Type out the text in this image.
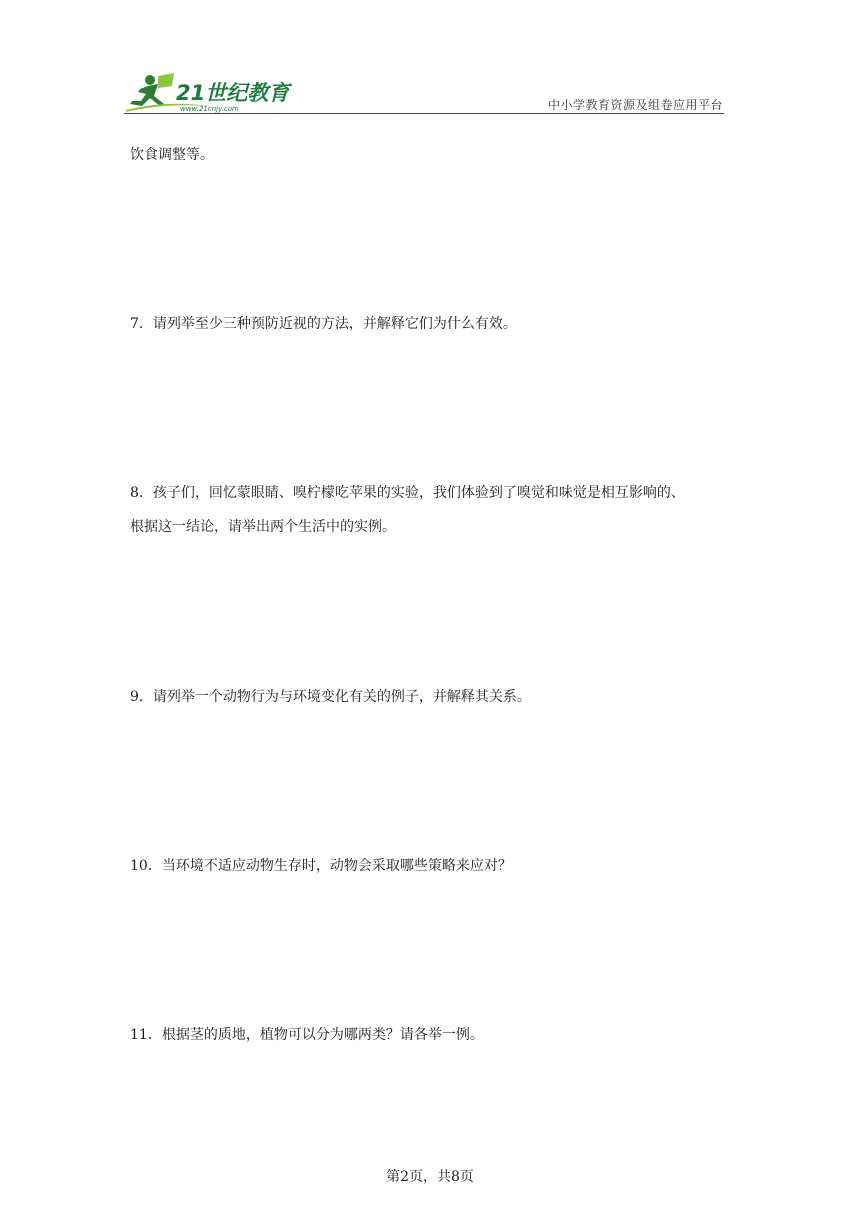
21世纪教育
www.21cnjy.com	中小学教育资源及组卷应用平台
饮食调整等。
7．请列举至少三种预防近视的方法，并解释它们为什么有效。
8．孩子们，回忆蒙眼睛、嗅柠檬吃苹果的实验，我们体验到了嗅觉和味觉是相互影响的、
根据这一结论，请举出两个生活中的实例。
9．请列举一个动物行为与环境变化有关的例子，并解释其关系。
10．当环境不适应动物生存时，动物会采取哪些策略来应对？
11．根据茎的质地，植物可以分为哪两类？请各举一例。
第2页，共8页
